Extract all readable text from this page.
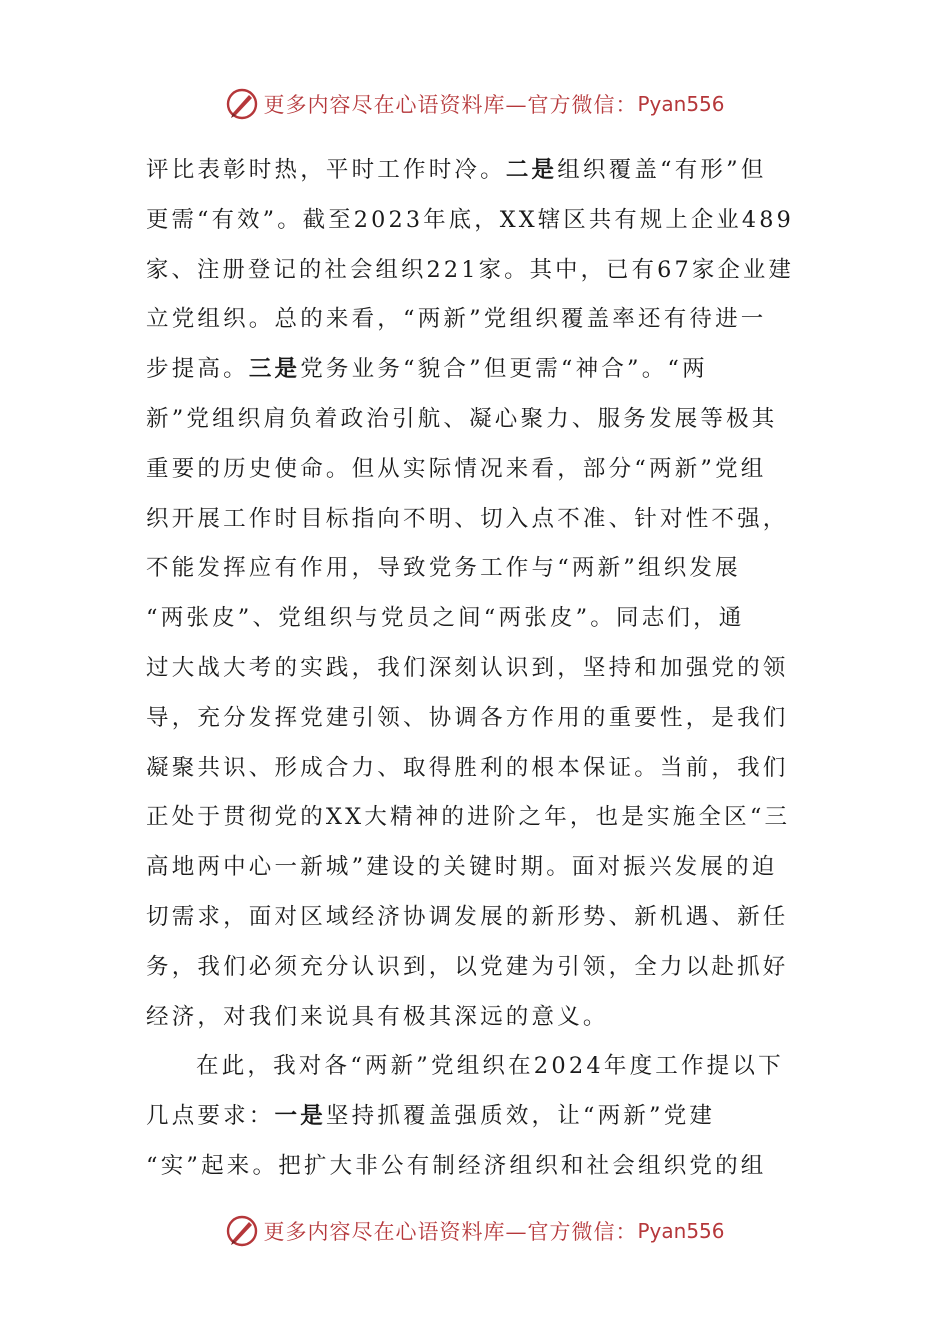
更多内容尽在心语资料库—官方微信： Pyan556
评比表彰时热，平时工作时冷。二是组织覆盖“有形”但
更需“有效”。截至2023年底，XX辖区共有规上企业489
家、注册登记的社会组织221家。其中，已有67家企业建
立党组织。总的来看，“两新”党组织覆盖率还有待进一
步提高。三是党务业务“貌合”但更需“神合”。“两
新”党组织肩负着政治引航、凝心聚力、服务发展等极其
重要的历史使命。但从实际情况来看，部分“两新”党组
织开展工作时目标指向不明、切入点不准、针对性不强，
不能发挥应有作用，导致党务工作与“两新”组织发展
“两张皮”、党组织与党员之间“两张皮”。同志们，通
过大战大考的实践，我们深刻认识到，坚持和加强党的领
导，充分发挥党建引领、协调各方作用的重要性，是我们
凝聚共识、形成合力、取得胜利的根本保证。当前，我们
正处于贯彻党的XX大精神的进阶之年，也是实施全区“三
高地两中心一新城”建设的关键时期。面对振兴发展的迫
切需求，面对区域经济协调发展的新形势、新机遇、新任
务，我们必须充分认识到，以党建为引领，全力以赴抓好
经济，对我们来说具有极其深远的意义。
在此，我对各“两新”党组织在2024年度工作提以下
几点要求：一是坚持抓覆盖强质效，让“两新”党建
“实”起来。把扩大非公有制经济组织和社会组织党的组
更多内容尽在心语资料库—官方微信： Pyan556
